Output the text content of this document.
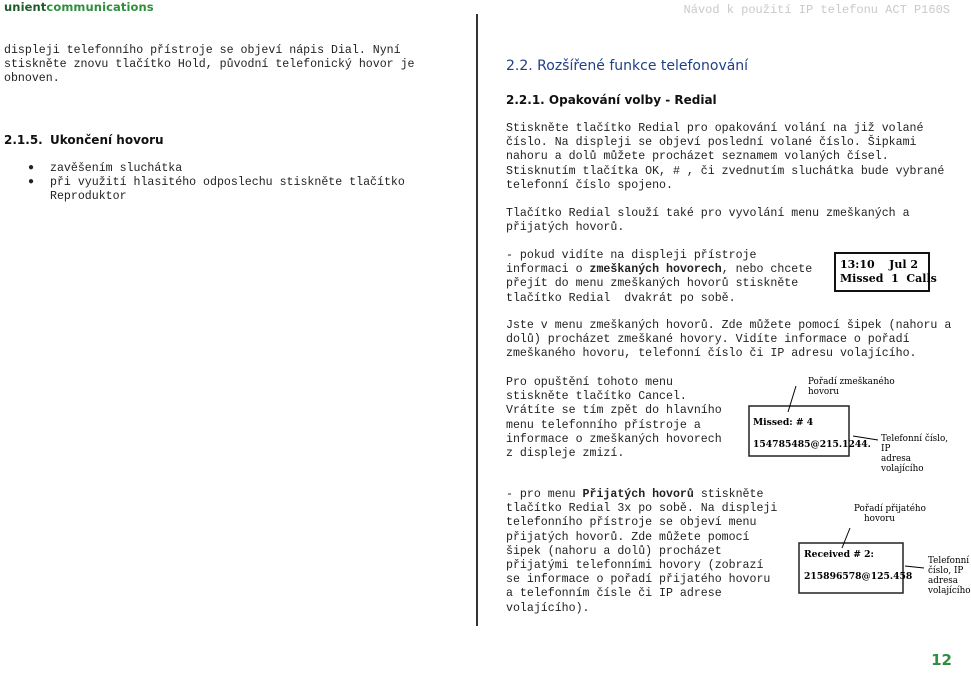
unientcommunications	Návod k použití IP telefonu ACT P160S
displeji telefonního přístroje se objeví nápis Dial. Nyní
stiskněte znovu tlačítko Hold, původní telefonický hovor je
obnoven.
2.1.5. Ukončení hovoru
● zavěšením sluchátka
● při využití hlasitého odposlechu stiskněte tlačítko
Reproduktor
2.2. Rozšířené funkce telefonování
2.2.1. Opakování volby - Redial
Stiskněte tlačítko Redial pro opakování volání na již volané
číslo. Na displeji se objeví poslední volané číslo. Šipkami
nahoru a dolů můžete procházet seznamem volaných čísel.
Stisknutím tlačítka OK, # , či zvednutím sluchátka bude vybrané
telefonní číslo spojeno.
Tlačítko Redial slouží také pro vyvolání menu zmeškaných a
přijatých hovorů.
- pokud vidíte na displeji přístroje
informaci o zmeškaných hovorech, nebo chcete
přejít do menu zmeškaných hovorů stiskněte
tlačítko Redial  dvakrát po sobě.
13:10 Jul 2
Missed  1  Calls
Jste v menu zmeškaných hovorů. Zde můžete pomocí šipek (nahoru a
dolů) procházet zmeškané hovory. Vidíte informace o pořadí
zmeškaného hovoru, telefonní číslo či IP adresu volajícího.
Pro opuštění tohoto menu
stiskněte tlačítko Cancel.
Vrátíte se tím zpět do hlavního
menu telefonního přístroje a
informace o zmeškaných hovorech
z displeje zmizí.
Pořadí zmeškaného
hovoru
Missed: # 4
154785485@215.1244. Telefonní číslo, IP
adresa volajícího
- pro menu Přijatých hovorů stiskněte
tlačítko Redial 3x po sobě. Na displeji
telefonního přístroje se objeví menu
přijatých hovorů. Zde můžete pomocí
šipek (nahoru a dolů) procházet
přijatými telefonními hovory (zobrazí
se informace o pořadí přijatého hovoru
a telefonním čísle či IP adrese
volajícího).
Pořadí přijatého
hovoru
Received # 2:
215896578@125.458
Telefonní
číslo, IP
adresa
volajícího
12
